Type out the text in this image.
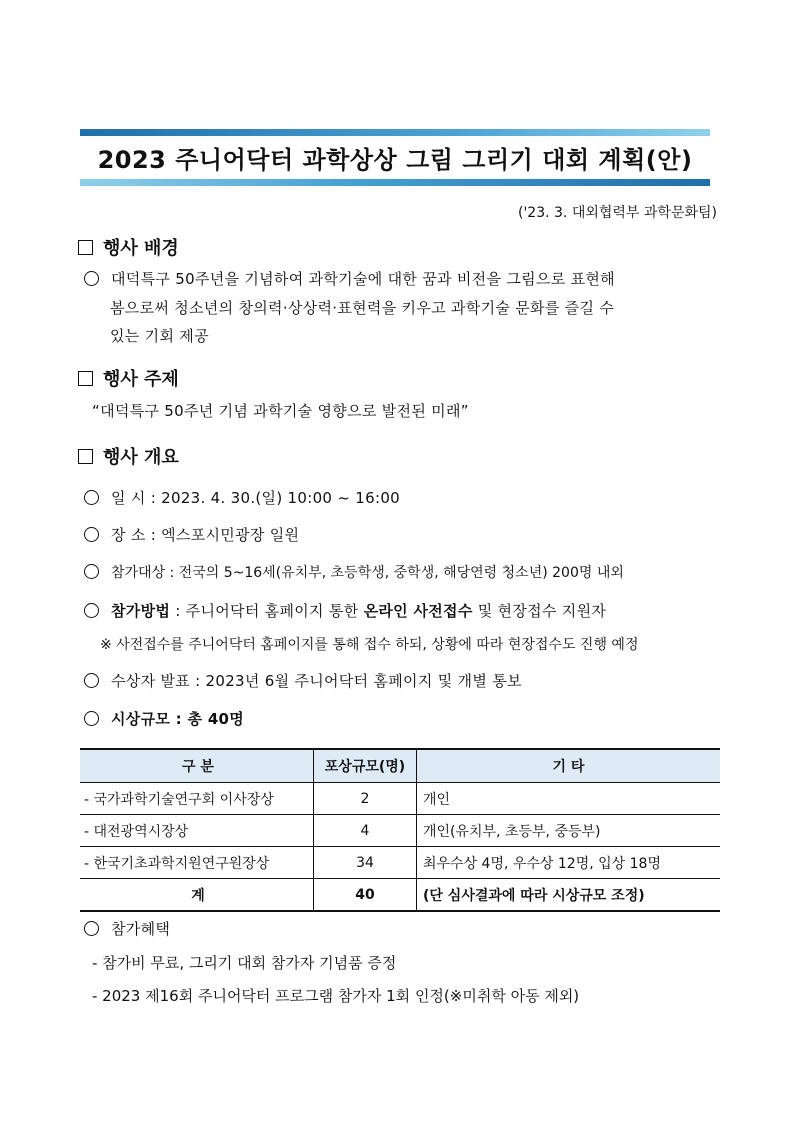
2023 주니어닥터 과학상상 그림 그리기 대회 계획(안)
('23. 3. 대외협력부 과학문화팀)
행사 배경
대덕특구 50주년을 기념하여 과학기술에 대한 꿈과 비전을 그림으로 표현해
봄으로써 청소년의 창의력·상상력·표현력을 키우고 과학기술 문화를 즐길 수
있는 기회 제공
행사 주제
“대덕특구 50주년 기념 과학기술 영향으로 발전된 미래”
행사 개요
일 시 : 2023. 4. 30.(일) 10:00 ~ 16:00
장 소 : 엑스포시민광장 일원
참가대상 : 전국의 5~16세(유치부, 초등학생, 중학생, 해당연령 청소년) 200명 내외
참가방법 : 주니어닥터 홈페이지 통한 온라인 사전접수 및 현장접수 지원자
※ 사전접수를 주니어닥터 홈페이지를 통해 접수 하되, 상황에 따라 현장접수도 진행 예정
수상자 발표 : 2023년 6월 주니어닥터 홈페이지 및 개별 통보
시상규모 : 총 40명
구 분	포상규모(명)	기 타
- 국가과학기술연구회 이사장상	2	개인
- 대전광역시장상	4	개인(유치부, 초등부, 중등부)
- 한국기초과학지원연구원장상	34	최우수상 4명, 우수상 12명, 입상 18명
계	40	(단 심사결과에 따라 시상규모 조정)
참가혜택
- 참가비 무료, 그리기 대회 참가자 기념품 증정
- 2023 제16회 주니어닥터 프로그램 참가자 1회 인정(※미취학 아동 제외)
